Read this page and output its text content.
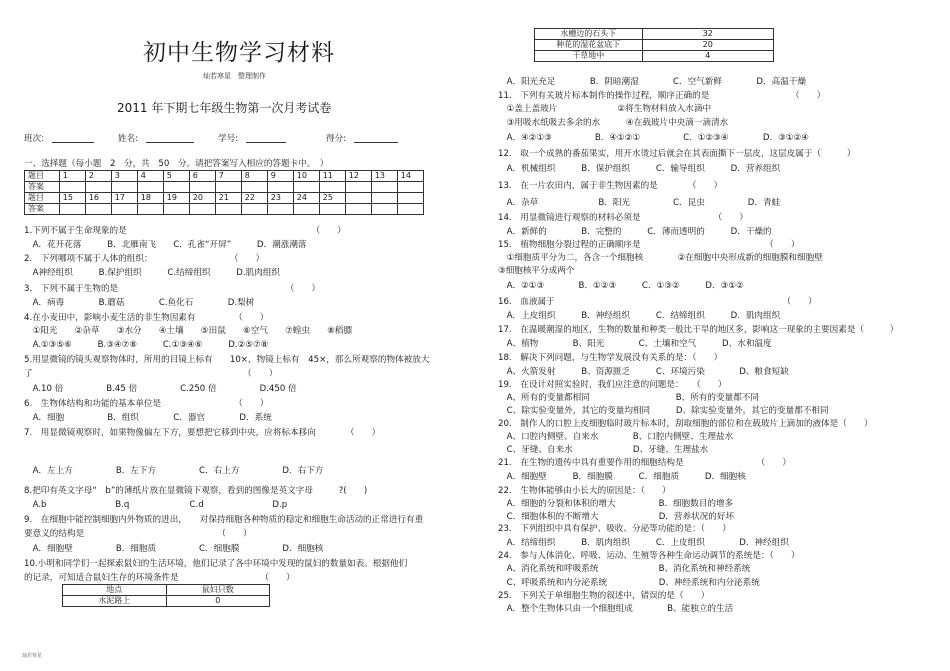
初中生物学习材料
灿若寒星　整理制作
2011 年下期七年级生物第一次月考试卷
班次:	姓名:	学号:	得分:
一、选择题（每小题　2　分，共　50　分。请把答案写入相应的答题卡中。　）
题目	1	2	3	4	5	6	7	8	9	10	11	12	13	14
答案														
题目	15	16	17	18	19	20	21	22	23	24	25			
答案														
1.下列不属于生命现象的是　　　　　　　　　　　　　　　　　　　　　　（　　）
　A．花开花落　　　B．北雁南飞　　C．孔雀“开屏”　　　D．潮涨潮落
2.　下列哪项不属于人体的组织：　　　　　　　　　　（　　）
　A神经组织　　　B.保护组织　　　C.结缔组织　　　D.肌肉组织
3.　下列不属于生物的是　　　　　　　　　　　　　　　　　　　　（　　）
　A．病毒　　　　B.蘑菇　　　　C.鱼化石　　　　D.梨树
4.在小麦田中，影响小麦生活的非生物因素有　　　　　（　　）
　①阳光　　②杂草　　③水分　　④土壤　　⑤田鼠　　⑥空气　　⑦蝗虫　　⑧稻膘
　A.①③⑤⑥　　　B.③④⑦⑧　　　C.①③④⑥　　　D.②⑤⑦⑧
5.用显微镜的镜头观察物体时，所用的目镜上标有　　10×，物镜上标有　45×，那么所观察的物体被放大
了　　　　　　　　　　　　　　　　　　　　　　　　　（　　）
　A.10 倍　　　　　B.45 倍　　　　　C.250 倍　　　　　D.450 倍
6.　生物体结构和功能的基本单位是　　　　　　　　　（　　）
　A．细胞　　　　　B．组织　　　　C．器官　　　　D．系统
7.　用显微镜观察时，如果物像偏左下方，要想把它移到中央，应将标本移向　　　　（　　）
　A．左上方　　　　　B．左下方　　　　　C．右上方　　　　　D．右下方
8.把印有英文字母“　b”的薄纸片放在显微镜下观察，看到的图像是英文字母　　　?(　　)
　A.b　　　　　　　　B.q　　　　　　　C.d　　　　　　　　D.p
9.　在细胞中能控制细胞内外物质的进出，　　对保持细胞各种物质的稳定和细胞生命活动的正常进行有重
要意义的结构是　　　　　　　　　　　　　　　　（　　）
　A．细胞壁　　　　　B．细胞质　　　　　C．细胞膜　　　　　D．细胞核
10.小明和同学们一起探索鼠妇的生活环境，他们记录了各中环境中发现的鼠妇的数量如表。根据他们
的记录，可知适合鼠妇生存的环境条件是　　　　　　　　　　（　　）
地点	鼠妇只数
水泥路上	0
灿若寒星
水槽边的石头下	32
种花的湿花盆底下	20
干草地中	4
　A．阳光充足　　　　B．阴暗潮湿　　　　C．空气新鲜　　　　D．高温干燥
11.　下列有关玻片标本制作的操作过程，顺序正确的是　　　　　　　　　　（　　）
　①盖上盖玻片　　　　　　　②将生物材料放入水滴中
　③用吸水纸吸去多余的水　　　④在载玻片中央滴一滴清水
　A．④②①③　　　　　B．④①②①　　　　　C．①②③④　　　　D．③①②④
12.　取一个成熟的番茄果实，用开水烫过后就会在其表面撕下一层皮，这层皮属于（　　　）
　A．机械组织　　　B．保护组织　　　C．输导组织　　　D．营养组织
13.　在一片农田内，属于非生物因素的是　　　　（　　）
　A．杂草　　　　　　　B．阳光　　　　　C．昆虫　　　　　D．青蛙
14.　用显微镜进行观察的材料必须是　　　　　　　　　（　　）
　A．新鲜的　　　　B．完整的　　　C．薄而透明的　　　D．干燥的
15.　植物细胞分裂过程的正确顺序是　　　　　　　　　　　　　　　（　　）
　①细胞质平分为二，各含一个细胞核　　　　②在细胞中央形成新的细胞膜和细胞壁
③细胞核平分成两个
　A．②①③　　　　B．①②③　　　C．①③②　　　D．③①②
16.　血液属于　　　　　　　　　　　　　　　　　　　　　　　　　　　（　　）
　A．上皮组织　　　B．神经组织　　　C．结缔组织　　　D．肌肉组织
17.　在温暖潮湿的地区，生物的数量和种类一般比干旱的地区多，影响这一现象的主要因素是（　　　）
　A、植物　　　　B、阳光　　　　C、土壤和空气　　　D、水和温度
18.　解决下列问题，与生物学发展没有关系的是：（　　）
　A、火箭发射　　　B、资源匮乏　　　C、环境污染　　　　D、粮食短缺
19.　在设计对照实验时，我们应注意的问题是：　　（　　）
　A、所有的变量都相同　　　　　　　　　　B、所有的变量都不同
　C、除实验变量外，其它的变量均相同　　　D、除实验变量外，其它的变量都不相同
20.　制作人的口腔上皮细胞临时玻片标本时，刮取细胞的部位和在载玻片上滴加的液体是（　　）
　A、口腔内侧壁、自来水　　　　B、口腔内侧壁、生理盐水
　C、牙缝、自来水　　　　　　　D、牙缝、生理盐水
21.　在生物的遗传中具有重要作用的细胞结构是　　　　　　　　　（　　）
　A．细胞壁　　　B．细胞膜　　　C．细胞质　　　D．细胞核
22.　生物体能够由小长大的原因是：（　　）
　A．细胞的分裂和体积的增大　　　　　B．细胞数目的增多
　C．细胞体积的不断增大　　　　　　　D．营养状况的好坏
23.　下列组织中具有保护、吸收、分泌等功能的是：（　　）
　A．结缔组织　　　B．肌肉组织　　　C．上皮组织　　　　D．神经组织
24.　参与人体消化、呼吸、运动、生殖等各种生命运动调节的系统是：（　　）
　A、消化系统和呼吸系统　　　　　　　B、消化系统和神经系统
　C、呼吸系统和内分泌系统　　　　　　D、神经系统和内分泌系统
25.　下列关于单细胞生物的叙述中，错误的是（　　）
　A．整个生物体只由一个细胞组成　　　　B、能独立的生活
